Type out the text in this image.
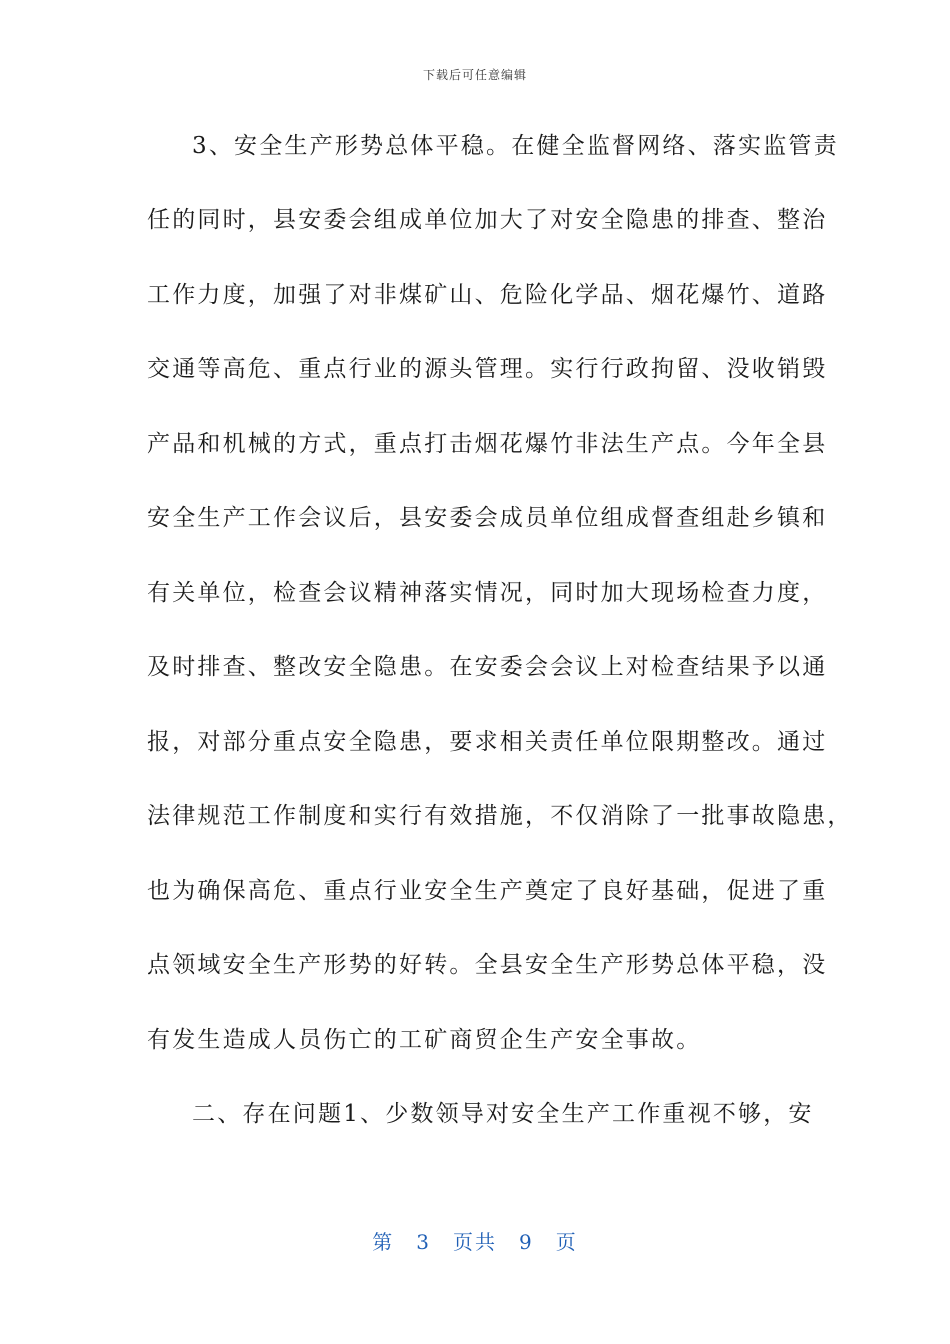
下载后可任意编辑
3、安全生产形势总体平稳。在健全监督网络、落实监管责
任的同时，县安委会组成单位加大了对安全隐患的排查、整治
工作力度，加强了对非煤矿山、危险化学品、烟花爆竹、道路
交通等高危、重点行业的源头管理。实行行政拘留、没收销毁
产品和机械的方式，重点打击烟花爆竹非法生产点。今年全县
安全生产工作会议后，县安委会成员单位组成督查组赴乡镇和
有关单位，检查会议精神落实情况，同时加大现场检查力度，
及时排查、整改安全隐患。在安委会会议上对检查结果予以通
报，对部分重点安全隐患，要求相关责任单位限期整改。通过
法律规范工作制度和实行有效措施，不仅消除了一批事故隐患，
也为确保高危、重点行业安全生产奠定了良好基础，促进了重
点领域安全生产形势的好转。全县安全生产形势总体平稳，没
有发生造成人员伤亡的工矿商贸企生产安全事故。
二、存在问题1、少数领导对安全生产工作重视不够，安
第 3 页共 9 页
